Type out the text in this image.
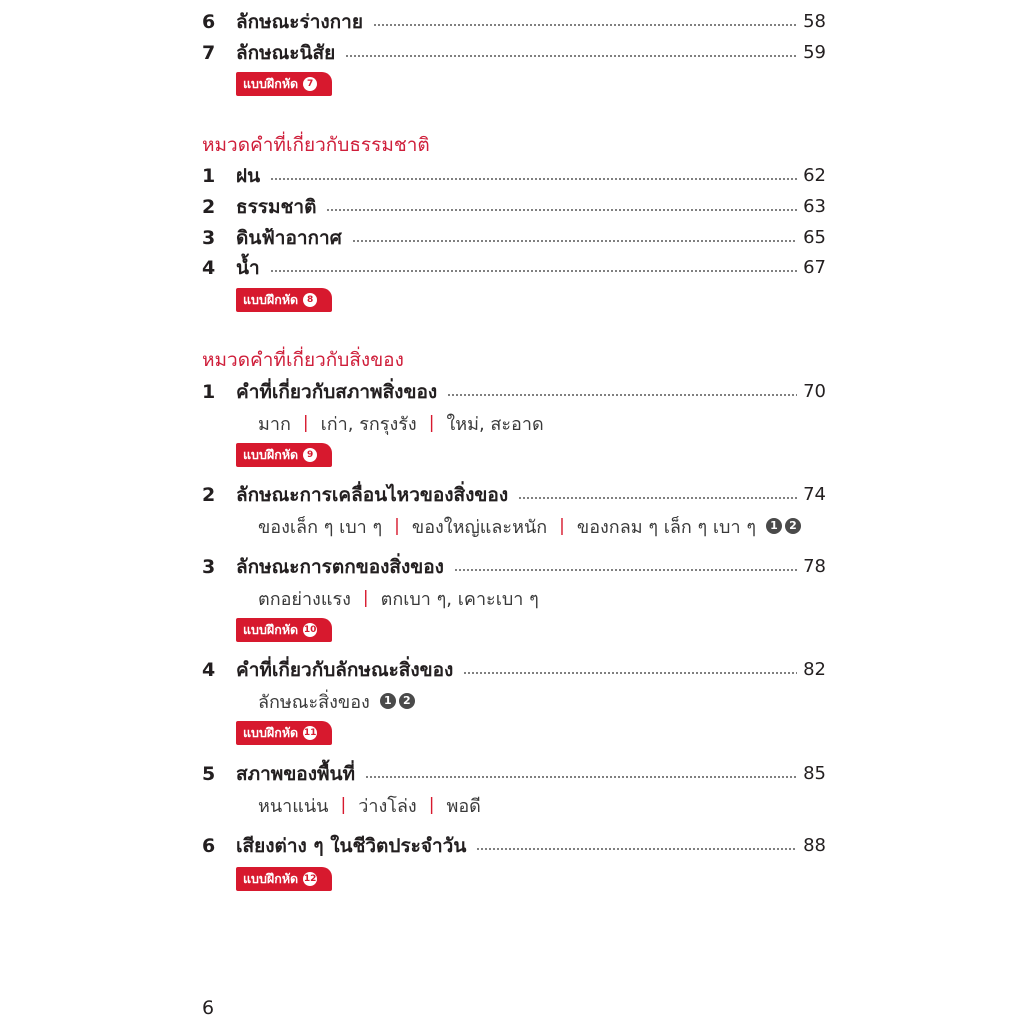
6	ลักษณะร่างกาย	58
7	ลักษณะนิสัย	59
แบบฝึกหัด 7
หมวดคำที่เกี่ยวกับธรรมชาติ
1	ฝน	62
2	ธรรมชาติ	63
3	ดินฟ้าอากาศ	65
4	น้ำ	67
แบบฝึกหัด 8
หมวดคำที่เกี่ยวกับสิ่งของ
1	คำที่เกี่ยวกับสภาพสิ่งของ	70
มาก | เก่า, รกรุงรัง | ใหม่, สะอาด
แบบฝึกหัด 9
2	ลักษณะการเคลื่อนไหวของสิ่งของ	74
ของเล็ก ๆ เบา ๆ | ของใหญ่และหนัก | ของกลม ๆ เล็ก ๆ เบา ๆ	1	2
3	ลักษณะการตกของสิ่งของ	78
ตกอย่างแรง | ตกเบา ๆ, เคาะเบา ๆ
แบบฝึกหัด 10
4	คำที่เกี่ยวกับลักษณะสิ่งของ	82
ลักษณะสิ่งของ	1	2
แบบฝึกหัด 11
5	สภาพของพื้นที่	85
หนาแน่น | ว่างโล่ง | พอดี
6	เสียงต่าง ๆ ในชีวิตประจำวัน	88
แบบฝึกหัด 12
6
